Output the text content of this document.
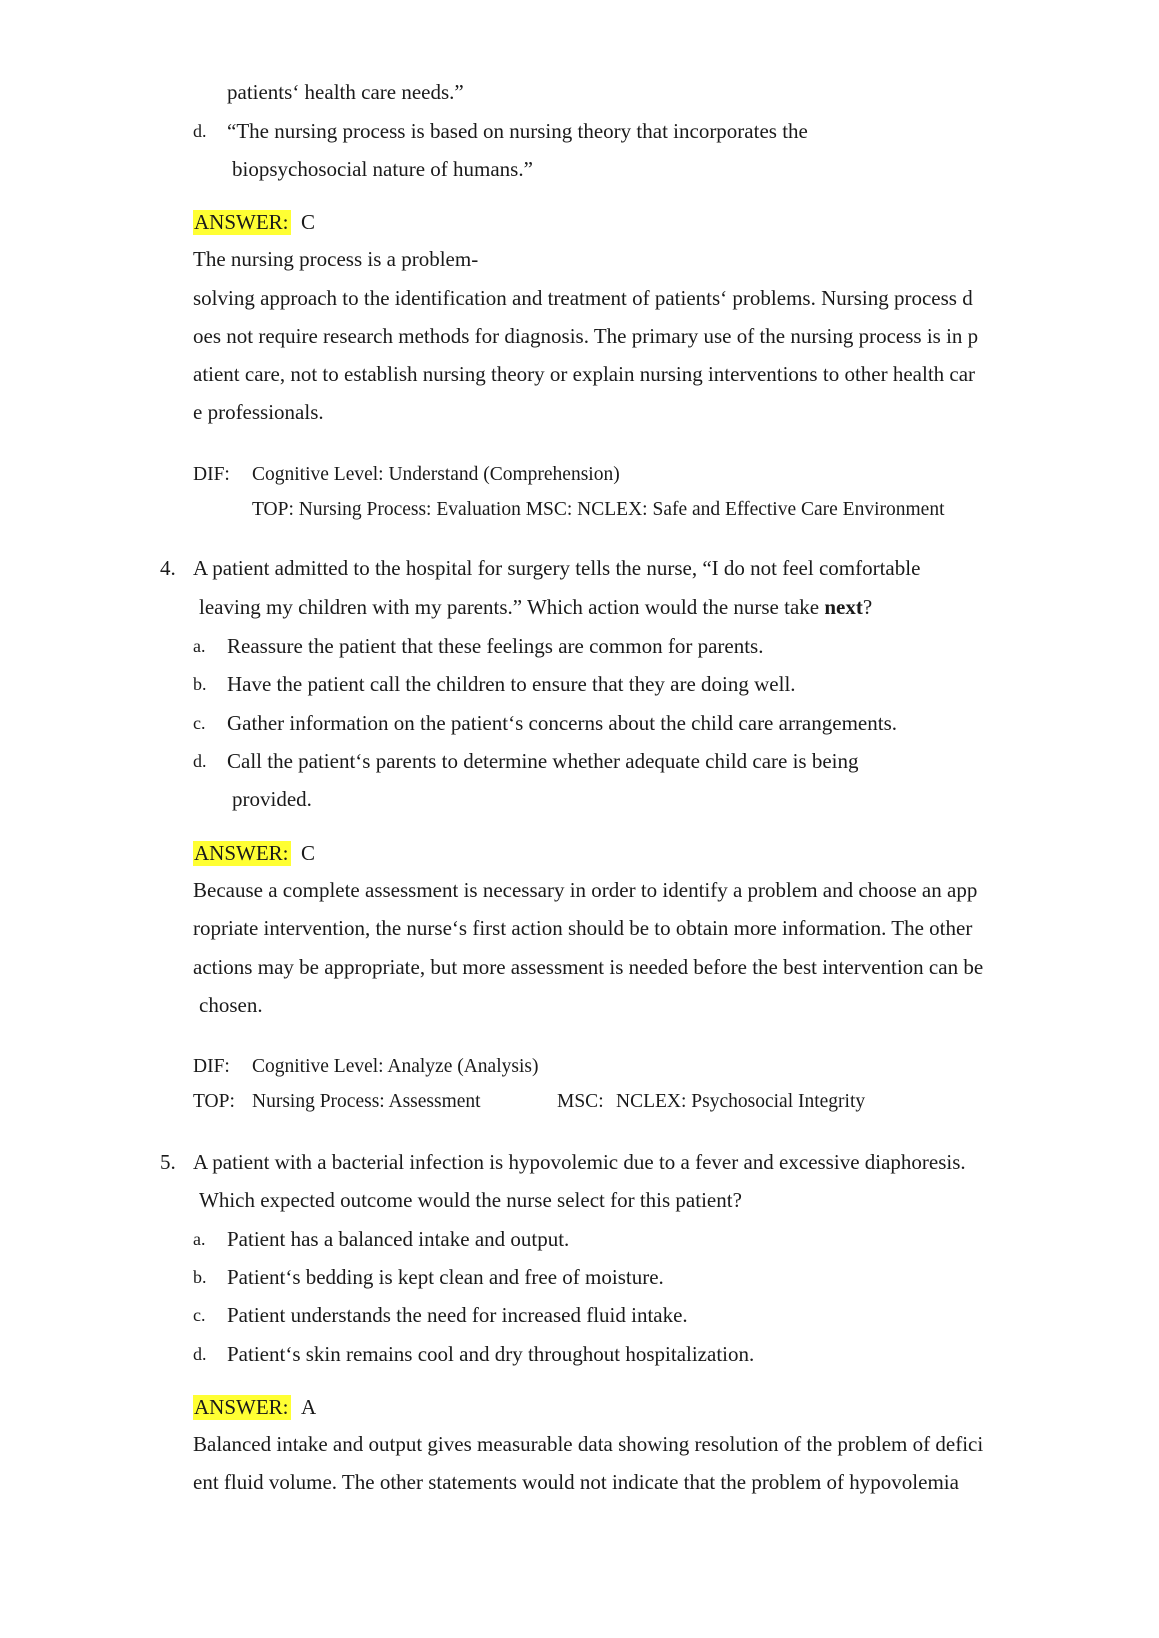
patients‘ health care needs.”
d. “The nursing process is based on nursing theory that incorporates the
biopsychosocial nature of humans.”
ANSWER: C
The nursing process is a problem-
solving approach to the identification and treatment of patients‘ problems. Nursing process d
oes not require research methods for diagnosis. The primary use of the nursing process is in p
atient care, not to establish nursing theory or explain nursing interventions to other health car
e professionals.
DIF: Cognitive Level: Understand (Comprehension)
TOP: Nursing Process: Evaluation MSC: NCLEX: Safe and Effective Care Environment
4. A patient admitted to the hospital for surgery tells the nurse, “I do not feel comfortable
leaving my children with my parents.” Which action would the nurse take next?
a. Reassure the patient that these feelings are common for parents.
b. Have the patient call the children to ensure that they are doing well.
c. Gather information on the patient‘s concerns about the child care arrangements.
d. Call the patient‘s parents to determine whether adequate child care is being
provided.
ANSWER: C
Because a complete assessment is necessary in order to identify a problem and choose an app
ropriate intervention, the nurse‘s first action should be to obtain more information. The other
actions may be appropriate, but more assessment is needed before the best intervention can be
chosen.
DIF: Cognitive Level: Analyze (Analysis)
TOP: Nursing Process: Assessment	MSC: NCLEX: Psychosocial Integrity
5. A patient with a bacterial infection is hypovolemic due to a fever and excessive diaphoresis.
Which expected outcome would the nurse select for this patient?
a. Patient has a balanced intake and output.
b. Patient‘s bedding is kept clean and free of moisture.
c. Patient understands the need for increased fluid intake.
d. Patient‘s skin remains cool and dry throughout hospitalization.
ANSWER: A
Balanced intake and output gives measurable data showing resolution of the problem of defici
ent fluid volume. The other statements would not indicate that the problem of hypovolemia
